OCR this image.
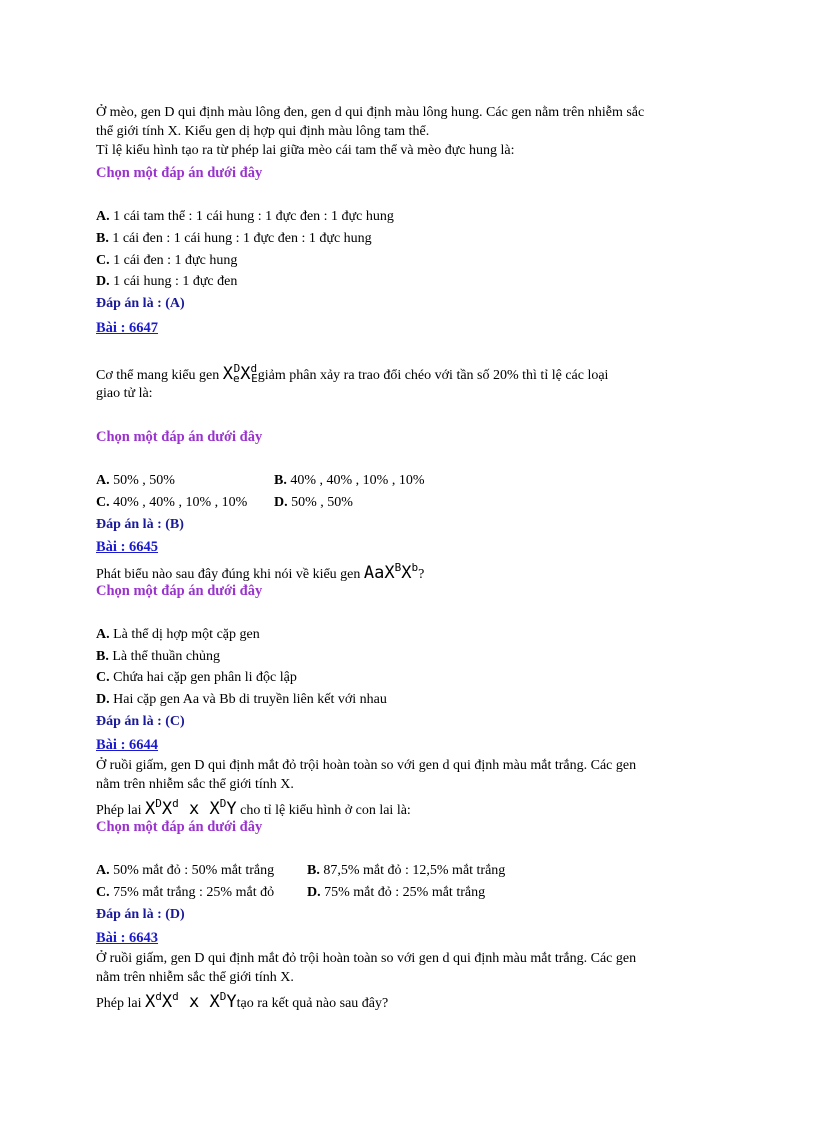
Ở mèo, gen D qui định màu lông đen, gen d qui định màu lông hung. Các gen nằm trên nhiễm sắc
thể giới tính X. Kiểu gen dị hợp qui định màu lông tam thể.
Tỉ lệ kiểu hình tạo ra từ phép lai giữa mèo cái tam thể và mèo đực hung là:
Chọn một đáp án dưới đây
A. 1 cái tam thể : 1 cái hung : 1 đực đen : 1 đực hung
B. 1 cái đen : 1 cái hung : 1 đực đen : 1 đực hung
C. 1 cái đen : 1 đực hung
D. 1 cái hung : 1 đực đen
Đáp án là : (A)
Bài : 6647
Cơ thể mang kiểu gen $X_e^DX^d_Egiảm$ phân xảy ra trao đổi chéo với tần số 20% thì tỉ lệ các loại
giao tử là:
Chọn một đáp án dưới đây
A. 50% , 50%	B. 40% , 40% , 10% , 10%
C. 40% , 40% , 10% , 10% D. 50% , 50%
Đáp án là : (B)
Bài : 6645
Phát biểu nào sau đây đúng khi nói về kiểu gen $AaX^BX^b$?
Chọn một đáp án dưới đây
A. Là thể dị hợp một cặp gen
B. Là thể thuần chủng
C. Chứa hai cặp gen phân li độc lập
D. Hai cặp gen Aa và Bb di truyền liên kết với nhau
Đáp án là : (C)
Bài : 6644
Ở ruồi giấm, gen D qui định mắt đỏ trội hoàn toàn so với gen d qui định màu mắt trắng. Các gen
nằm trên nhiễm sắc thể giới tính X.
Phép lai $X^DX^d$ x $X^DY$ cho tỉ lệ kiểu hình ở con lai là:
Chọn một đáp án dưới đây
A. 50% mắt đỏ : 50% mắt trắng B. 87,5% mắt đỏ : 12,5% mắt trắng
C. 75% mắt trắng : 25% mắt đỏ D. 75% mắt đỏ : 25% mắt trắng
Đáp án là : (D)
Bài : 6643
Ở ruồi giấm, gen D qui định mắt đỏ trội hoàn toàn so với gen d qui định màu mắt trắng. Các gen
nằm trên nhiễm sắc thể giới tính X.
Phép lai $X^dX^d$ x $X^DYtạo$ ra kết quả nào sau đây?
